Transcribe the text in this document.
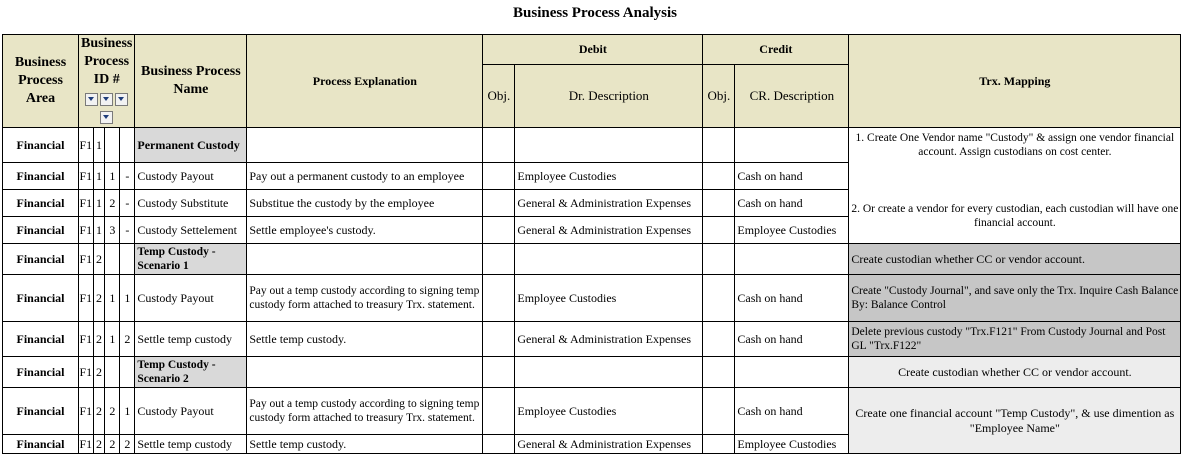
Business Process Analysis
Business Process Area	Business Process ID #				Business Process Name	Process Explanation	Debit		Credit		Trx. Mapping
							Obj.	Dr. Description	Obj.	CR. Description	
Financial	F1	1			Permanent Custody						1. Create One Vendor name "Custody" & assign one vendor financial account. Assign custodians on cost center.
Financial	F1	1	1	-	Custody Payout	Pay out a permanent custody to an employee		Employee Custodies		Cash on hand	
Financial	F1	1	2	-	Custody Substitute	Substitue the custody by the employee		General & Administration Expenses		Cash on hand	2. Or create a vendor for every custodian, each custodian will have one financial account.
Financial	F1	1	3	-	Custody Settelement	Settle employee's custody.		General & Administration Expenses		Employee Custodies	
Financial	F1	2			Temp Custody - Scenario 1						Create custodian whether CC or vendor account.
Financial	F1	2	1	1	Custody Payout	Pay out a temp custody according to signing temp custody form attached to treasury Trx. statement.		Employee Custodies		Cash on hand	Create "Custody Journal", and save only the Trx. Inquire Cash Balance By: Balance Control
Financial	F1	2	1	2	Settle temp custody	Settle temp custody.		General & Administration Expenses		Cash on hand	Delete previous custody "Trx.F121" From Custody Journal and Post GL "Trx.F122"
Financial	F1	2			Temp Custody - Scenario 2						Create custodian whether CC or vendor account.
Financial	F1	2	2	1	Custody Payout	Pay out a temp custody according to signing temp custody form attached to treasury Trx. statement.		Employee Custodies		Cash on hand	Create one financial account "Temp Custody", & use dimention as "Employee Name"
Financial	F1	2	2	2	Settle temp custody	Settle temp custody.		General & Administration Expenses		Employee Custodies	
